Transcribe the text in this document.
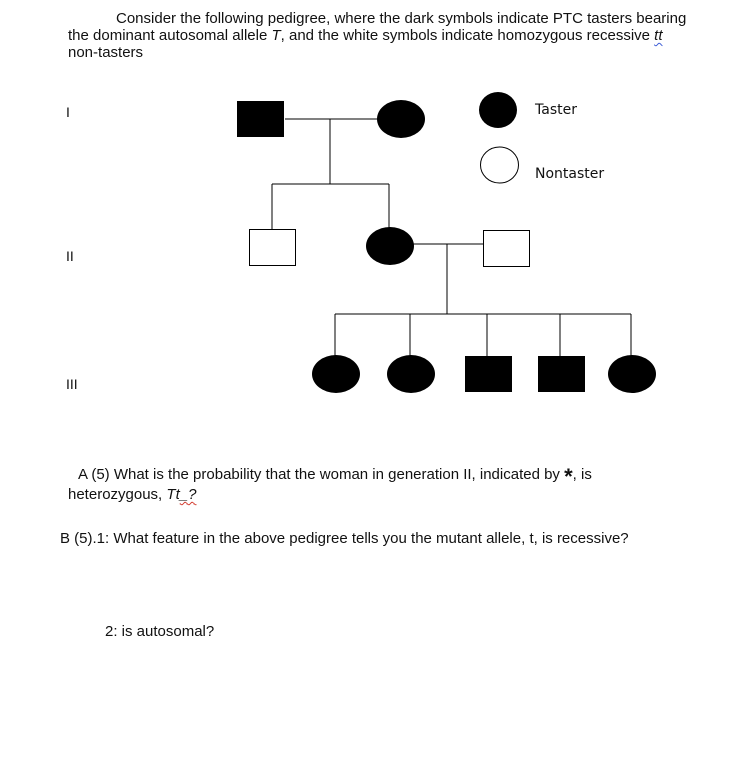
Consider the following pedigree, where the dark symbols indicate PTC tasters bearing the dominant autosomal allele T, and the white symbols indicate homozygous recessive tt non-tasters
I
II
III
Taster
Nontaster
A (5) What is the probability that the woman in generation II, indicated by *, is heterozygous, Tt_?
B (5).1: What feature in the above pedigree tells you the mutant allele, t, is recessive?
2: is autosomal?
